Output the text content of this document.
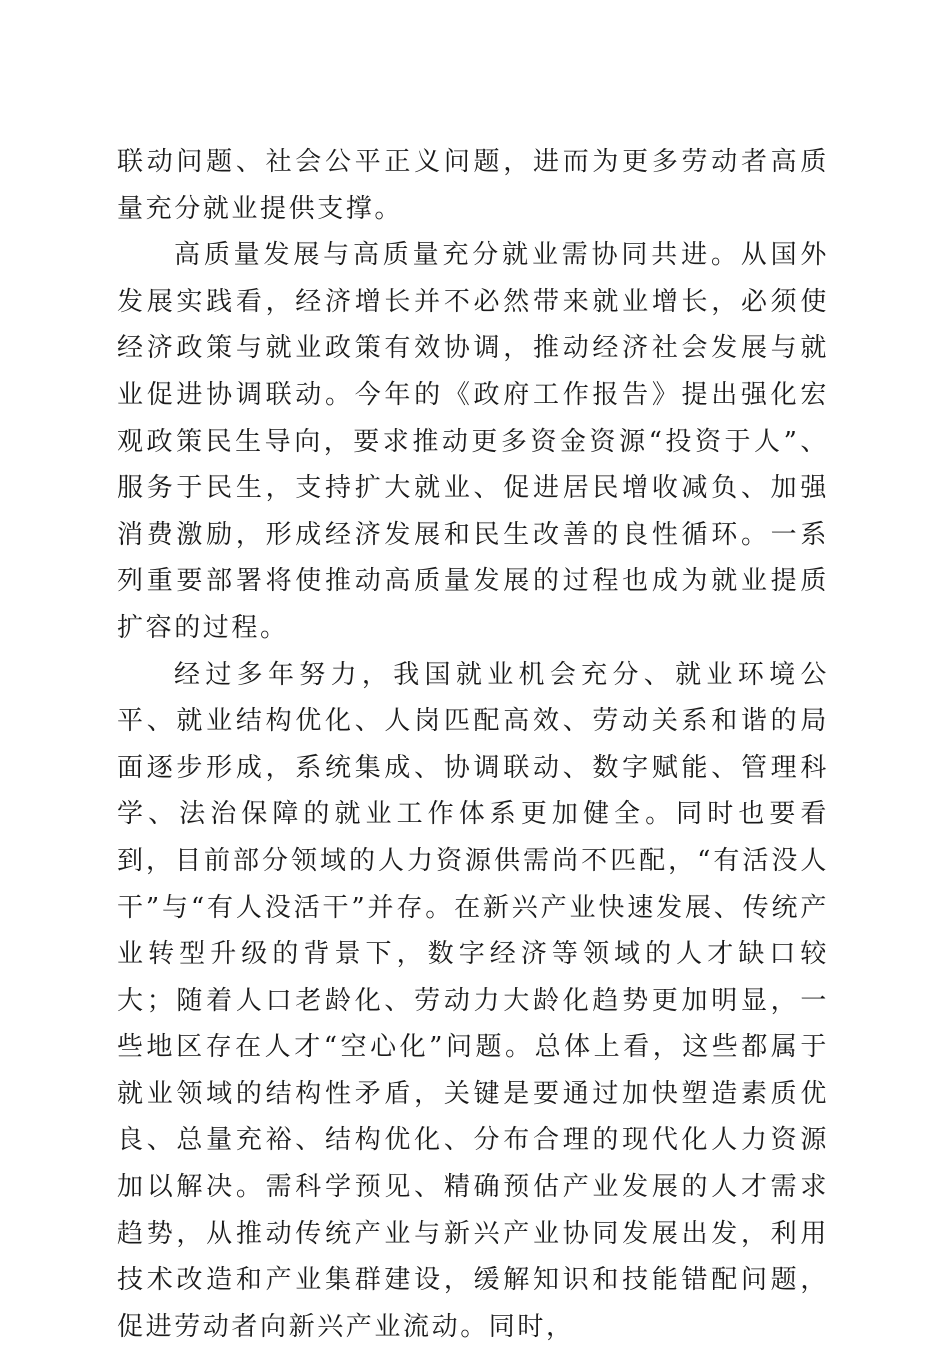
联动问题、社会公平正义问题，进而为更多劳动者高质量充分就业提供支撑。

高质量发展与高质量充分就业需协同共进。从国外发展实践看，经济增长并不必然带来就业增长，必须使经济政策与就业政策有效协调，推动经济社会发展与就业促进协调联动。今年的《政府工作报告》提出强化宏观政策民生导向，要求推动更多资金资源“投资于人”、服务于民生，支持扩大就业、促进居民增收减负、加强消费激励，形成经济发展和民生改善的良性循环。一系列重要部署将使推动高质量发展的过程也成为就业提质扩容的过程。

经过多年努力，我国就业机会充分、就业环境公平、就业结构优化、人岗匹配高效、劳动关系和谐的局面逐步形成，系统集成、协调联动、数字赋能、管理科学、法治保障的就业工作体系更加健全。同时也要看到，目前部分领域的人力资源供需尚不匹配，“有活没人干”与“有人没活干”并存。在新兴产业快速发展、传统产业转型升级的背景下，数字经济等领域的人才缺口较大；随着人口老龄化、劳动力大龄化趋势更加明显，一些地区存在人才“空心化”问题。总体上看，这些都属于就业领域的结构性矛盾，关键是要通过加快塑造素质优良、总量充裕、结构优化、分布合理的现代化人力资源加以解决。需科学预见、精确预估产业发展的人才需求趋势，从推动传统产业与新兴产业协同发展出发，利用技术改造和产业集群建设，缓解知识和技能错配问题，促进劳动者向新兴产业流动。同时，
